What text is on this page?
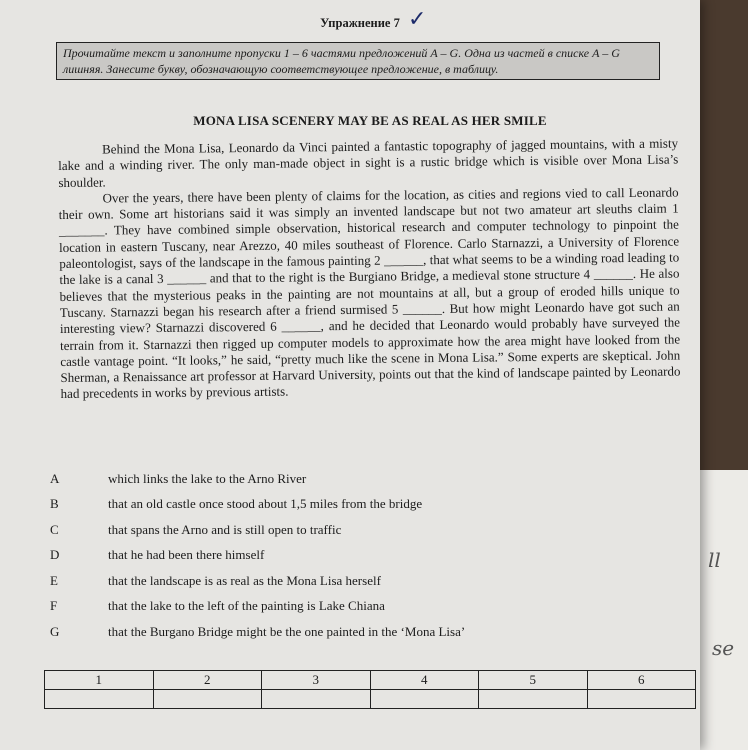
ll
se
Упражнение 7 ✓
Прочитайте текст и заполните пропуски 1 – 6 частями предложений A – G. Одна из частей в списке A – G лишняя. Занесите букву, обозначающую соответствующее предложение, в таблицу.
MONA LISA SCENERY MAY BE AS REAL AS HER SMILE

Behind the Mona Lisa, Leonardo da Vinci painted a fantastic topography of jagged mountains, with a misty lake and a winding river. The only man-made object in sight is a rustic bridge which is visible over Mona Lisa’s shoulder.

Over the years, there have been plenty of claims for the location, as cities and regions vied to call Leonardo their own. Some art historians said it was simply an invented landscape but not two amateur art sleuths claim 1 _______. They have combined simple observation, historical research and computer technology to pinpoint the location in eastern Tuscany, near Arezzo, 40 miles southeast of Florence. Carlo Starnazzi, a University of Florence paleontologist, says of the landscape in the famous painting 2 ______, that what seems to be a winding road leading to the lake is a canal 3 ______ and that to the right is the Burgiano Bridge, a medieval stone structure 4 ______. He also believes that the mysterious peaks in the painting are not mountains at all, but a group of eroded hills unique to Tuscany. Starnazzi began his research after a friend surmised 5 ______. But how might Leonardo have got such an interesting view? Starnazzi discovered 6 ______, and he decided that Leonardo would probably have surveyed the terrain from it. Starnazzi then rigged up computer models to approximate how the area might have looked from the castle vantage point. “It looks,” he said, “pretty much like the scene in Mona Lisa.” Some experts are skeptical. John Sherman, a Renaissance art professor at Harvard University, points out that the kind of landscape painted by Leonardo had precedents in works by previous artists.

A	which links the lake to the Arno River
B	that an old castle once stood about 1,5 miles from the bridge
C	that spans the Arno and is still open to traffic
D	that he had been there himself
E	that the landscape is as real as the Mona Lisa herself
F	that the lake to the left of the painting is Lake Chiana
G	that the Burgano Bridge might be the one painted in the ‘Mona Lisa’
1	2	3	4	5	6
